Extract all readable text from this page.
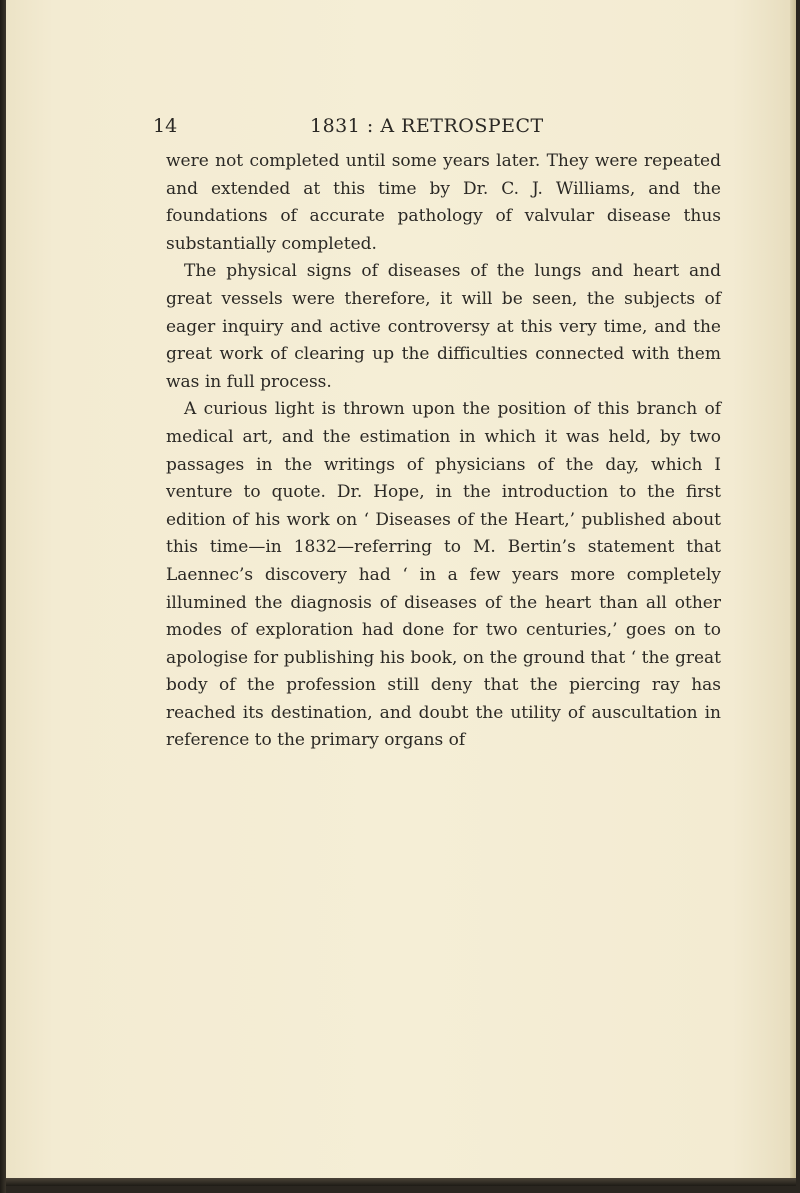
14	1831 : A RETROSPECT

were not completed until some years later. They were repeated and extended at this time by Dr. C. J. Williams, and the foundations of accurate pathology of valvular disease thus substantially completed.

The physical signs of diseases of the lungs and heart and great vessels were therefore, it will be seen, the subjects of eager inquiry and active controversy at this very time, and the great work of clearing up the difficulties connected with them was in full process.

A curious light is thrown upon the position of this branch of medical art, and the estimation in which it was held, by two passages in the writings of physicians of the day, which I venture to quote. Dr. Hope, in the introduction to the first edition of his work on ‘ Diseases of the Heart,’ published about this time—in 1832—referring to M. Bertin’s statement that Laennec’s discovery had ‘ in a few years more completely illumined the diagnosis of diseases of the heart than all other modes of exploration had done for two centuries,’ goes on to apologise for publishing his book, on the ground that ‘ the great body of the profession still deny that the piercing ray has reached its destination, and doubt the utility of auscultation in reference to the primary organs of
